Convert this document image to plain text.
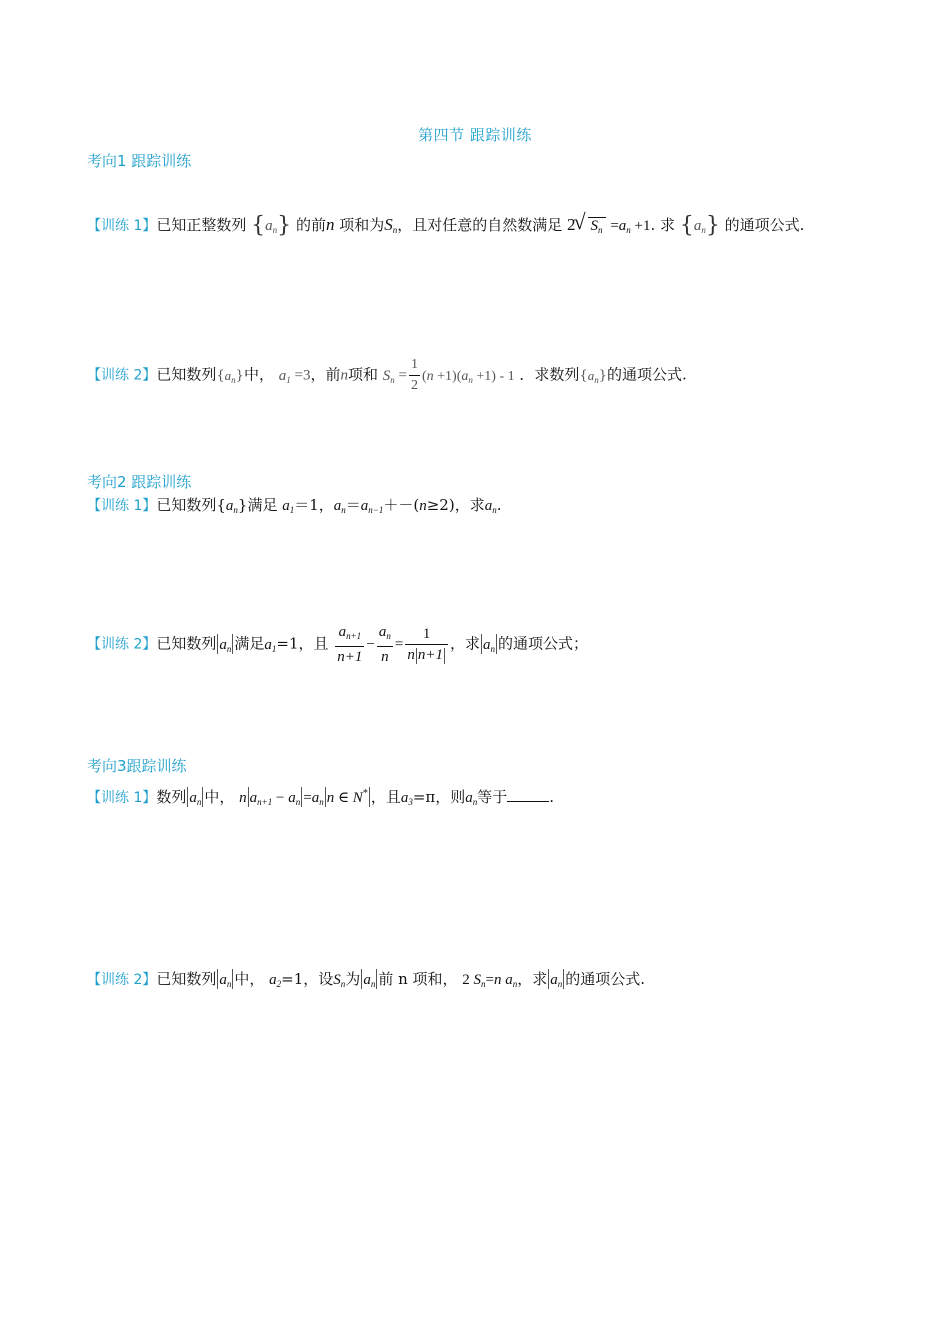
第四节 跟踪训练
考向1 跟踪训练
【训练 1】已知正整数列 $\{a_n\}$ 的前n 项和为$S_n$，且对任意的自然数满足 2√ $S_n =a_n +1$. 求 $\{a_n\}$ 的通项公式.
【训练 2】已知数列$\{a_n\}$中， $a_1 =3$，前n项和 $S_n = \frac{1}{2} (n +1)(a_n +1) - 1$ ．求数列$\{a_n\}$的通项公式.
考向2 跟踪训练
【训练 1】已知数列$\{a_n\}$满足 $a_1=1$，$a_n=a_{n-1}+-(n\ge 2)$，求$a_n$.
【训练 2】已知数列 $a_n$ 满足$a_1=1$，且 $\frac{a_{n+1}}{n+1} - \frac{a_n}{n} = \frac{1}{\text{n n+1}}$ ，求 $a_n$ 的通项公式；
考向3跟踪训练
【训练 1】数列 $a_n$ 中， n $a_{n+1} - a_n =a_n$ n ∈ N* ，且$a_3=\pi$，则$a_n$等于	.
【训练 2】已知数列 $a_n$ 中， $a_2=1$，设$S_n$为 $a_n$ 前 n 项和， 2 $S_n=n$ $a_n$，求 $a_n$ 的通项公式.
